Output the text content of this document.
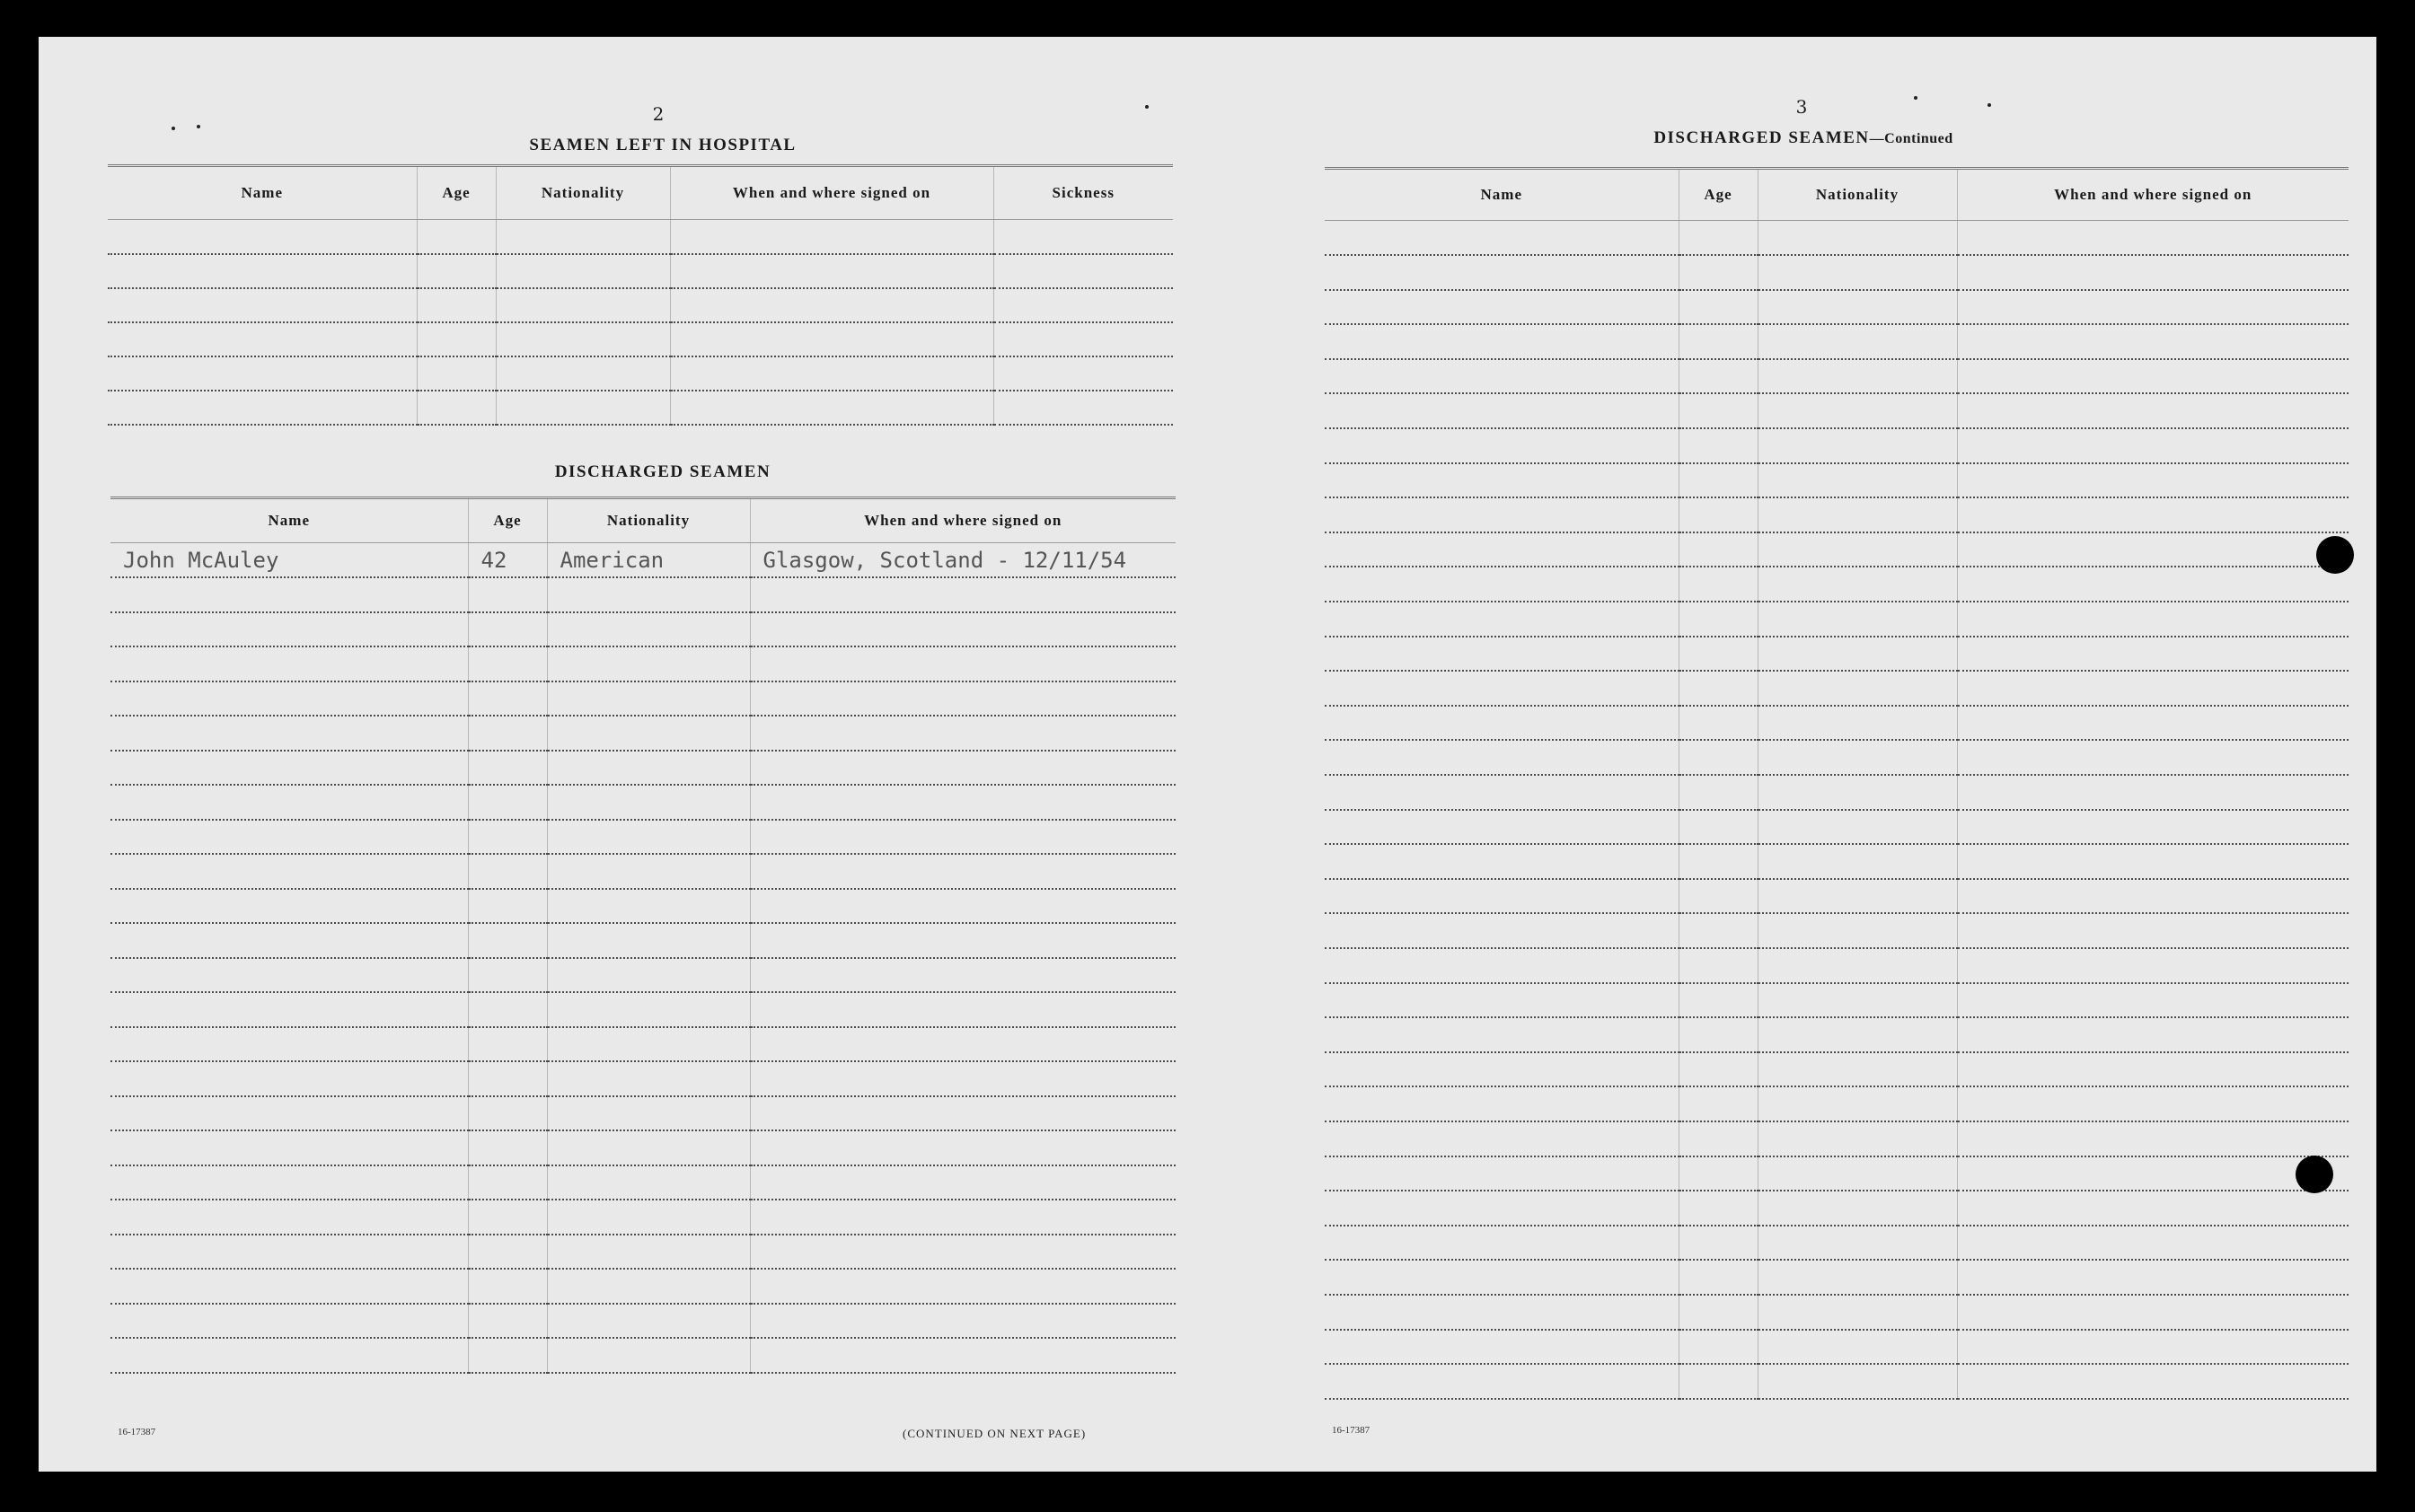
2
SEAMEN LEFT IN HOSPITAL
Name	Age	Nationality	When and where signed on	Sickness

DISCHARGED SEAMEN
Name	Age	Nationality	When and where signed on
John McAuley	42	American	Glasgow, Scotland - 12/11/54

16-17387	(CONTINUED ON NEXT PAGE)
3
DISCHARGED SEAMEN—Continued
Name	Age	Nationality	When and where signed on

16-17387
